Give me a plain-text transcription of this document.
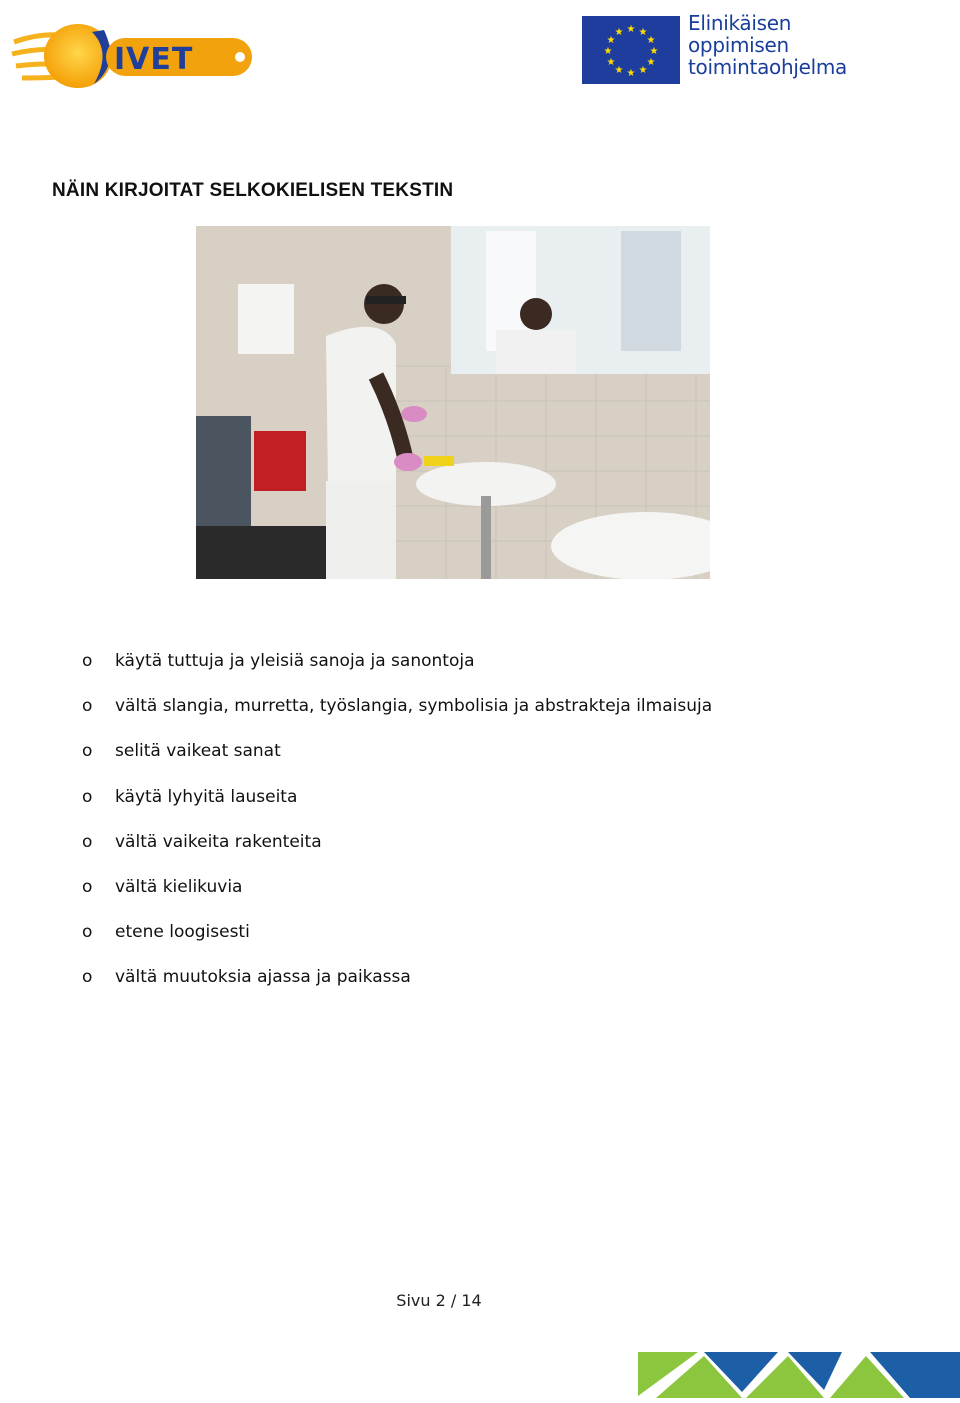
IVET
★ ★
★
★
★
★
★
★
★
★
★
★	Elinikäisen
oppimisen
toimintaohjelma
NÄIN KIRJOITAT SELKOKIELISEN TEKSTIN
o käytä tuttuja ja yleisiä sanoja ja sanontoja
o vältä slangia, murretta, työslangia, symbolisia ja abstrakteja ilmaisuja
o selitä vaikeat sanat
o käytä lyhyitä lauseita
o vältä vaikeita rakenteita
o vältä kielikuvia
o etene loogisesti
o vältä muutoksia ajassa ja paikassa
Sivu 2 / 14
